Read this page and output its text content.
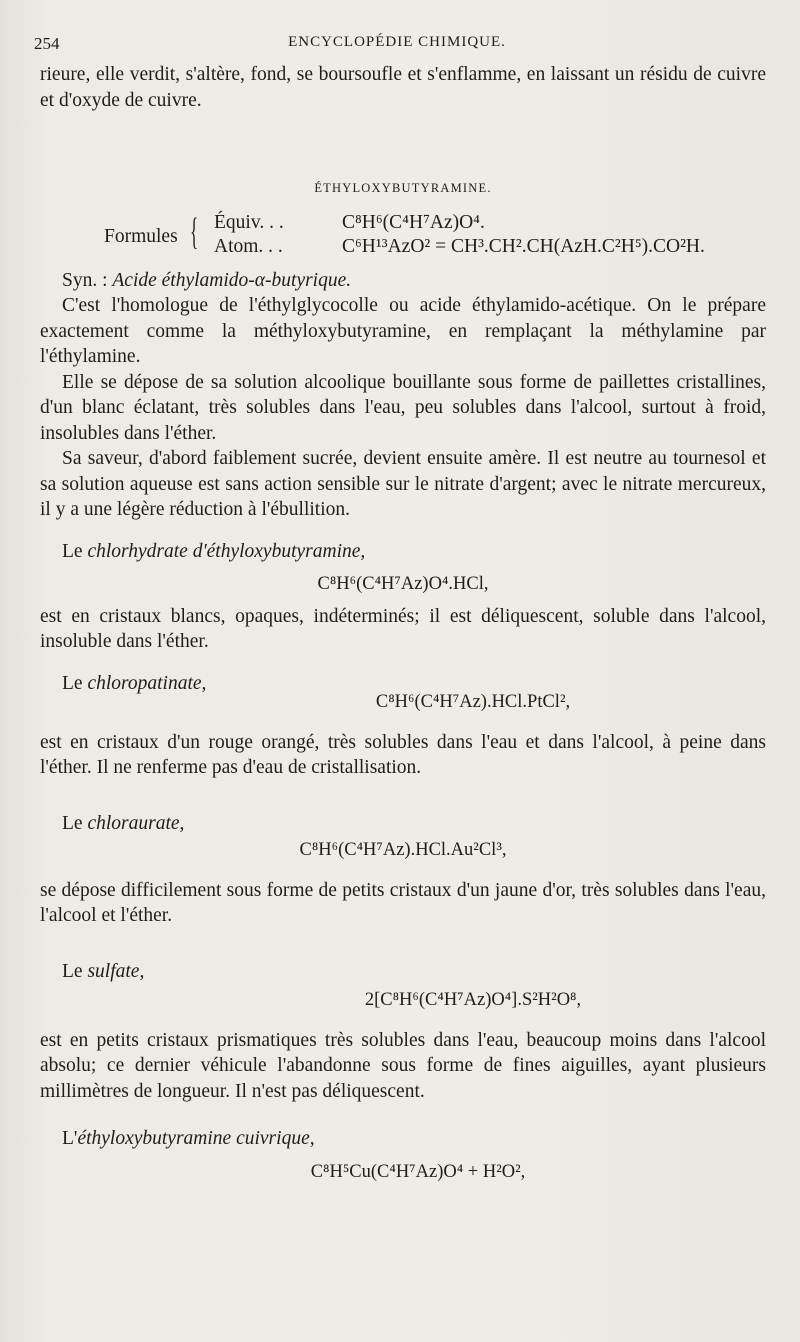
254	ENCYCLOPÉDIE CHIMIQUE.

rieure, elle verdit, s'altère, fond, se boursoufle et s'enflamme, en laissant un résidu de cuivre et d'oxyde de cuivre.

ÉTHYLOXYBUTYRAMINE.
Formules { Équiv. . .	C⁸H⁶(C⁴H⁷Az)O⁴.
Atom. . .	C⁶H¹³AzO² = CH³.CH².CH(AzH.C²H⁵).CO²H.

Syn. : Acide éthylamido-α-butyrique.

C'est l'homologue de l'éthylglycocolle ou acide éthylamido-acétique. On le prépare exactement comme la méthyloxybutyramine, en remplaçant la méthylamine par l'éthylamine.

Elle se dépose de sa solution alcoolique bouillante sous forme de paillettes cristallines, d'un blanc éclatant, très solubles dans l'eau, peu solubles dans l'alcool, surtout à froid, insolubles dans l'éther.

Sa saveur, d'abord faiblement sucrée, devient ensuite amère. Il est neutre au tournesol et sa solution aqueuse est sans action sensible sur le nitrate d'argent; avec le nitrate mercureux, il y a une légère réduction à l'ébullition.

Le chlorhydrate d'éthyloxybutyramine,

C⁸H⁶(C⁴H⁷Az)O⁴.HCl,

est en cristaux blancs, opaques, indéterminés; il est déliquescent, soluble dans l'alcool, insoluble dans l'éther.

Le chloropatinate,

C⁸H⁶(C⁴H⁷Az).HCl.PtCl²,

est en cristaux d'un rouge orangé, très solubles dans l'eau et dans l'alcool, à peine dans l'éther. Il ne renferme pas d'eau de cristallisation.

Le chloraurate,

C⁸H⁶(C⁴H⁷Az).HCl.Au²Cl³,

se dépose difficilement sous forme de petits cristaux d'un jaune d'or, très solubles dans l'eau, l'alcool et l'éther.

Le sulfate,

2[C⁸H⁶(C⁴H⁷Az)O⁴].S²H²O⁸,

est en petits cristaux prismatiques très solubles dans l'eau, beaucoup moins dans l'alcool absolu; ce dernier véhicule l'abandonne sous forme de fines aiguilles, ayant plusieurs millimètres de longueur. Il n'est pas déliquescent.

L'éthyloxybutyramine cuivrique,

C⁸H⁵Cu(C⁴H⁷Az)O⁴ + H²O²,
